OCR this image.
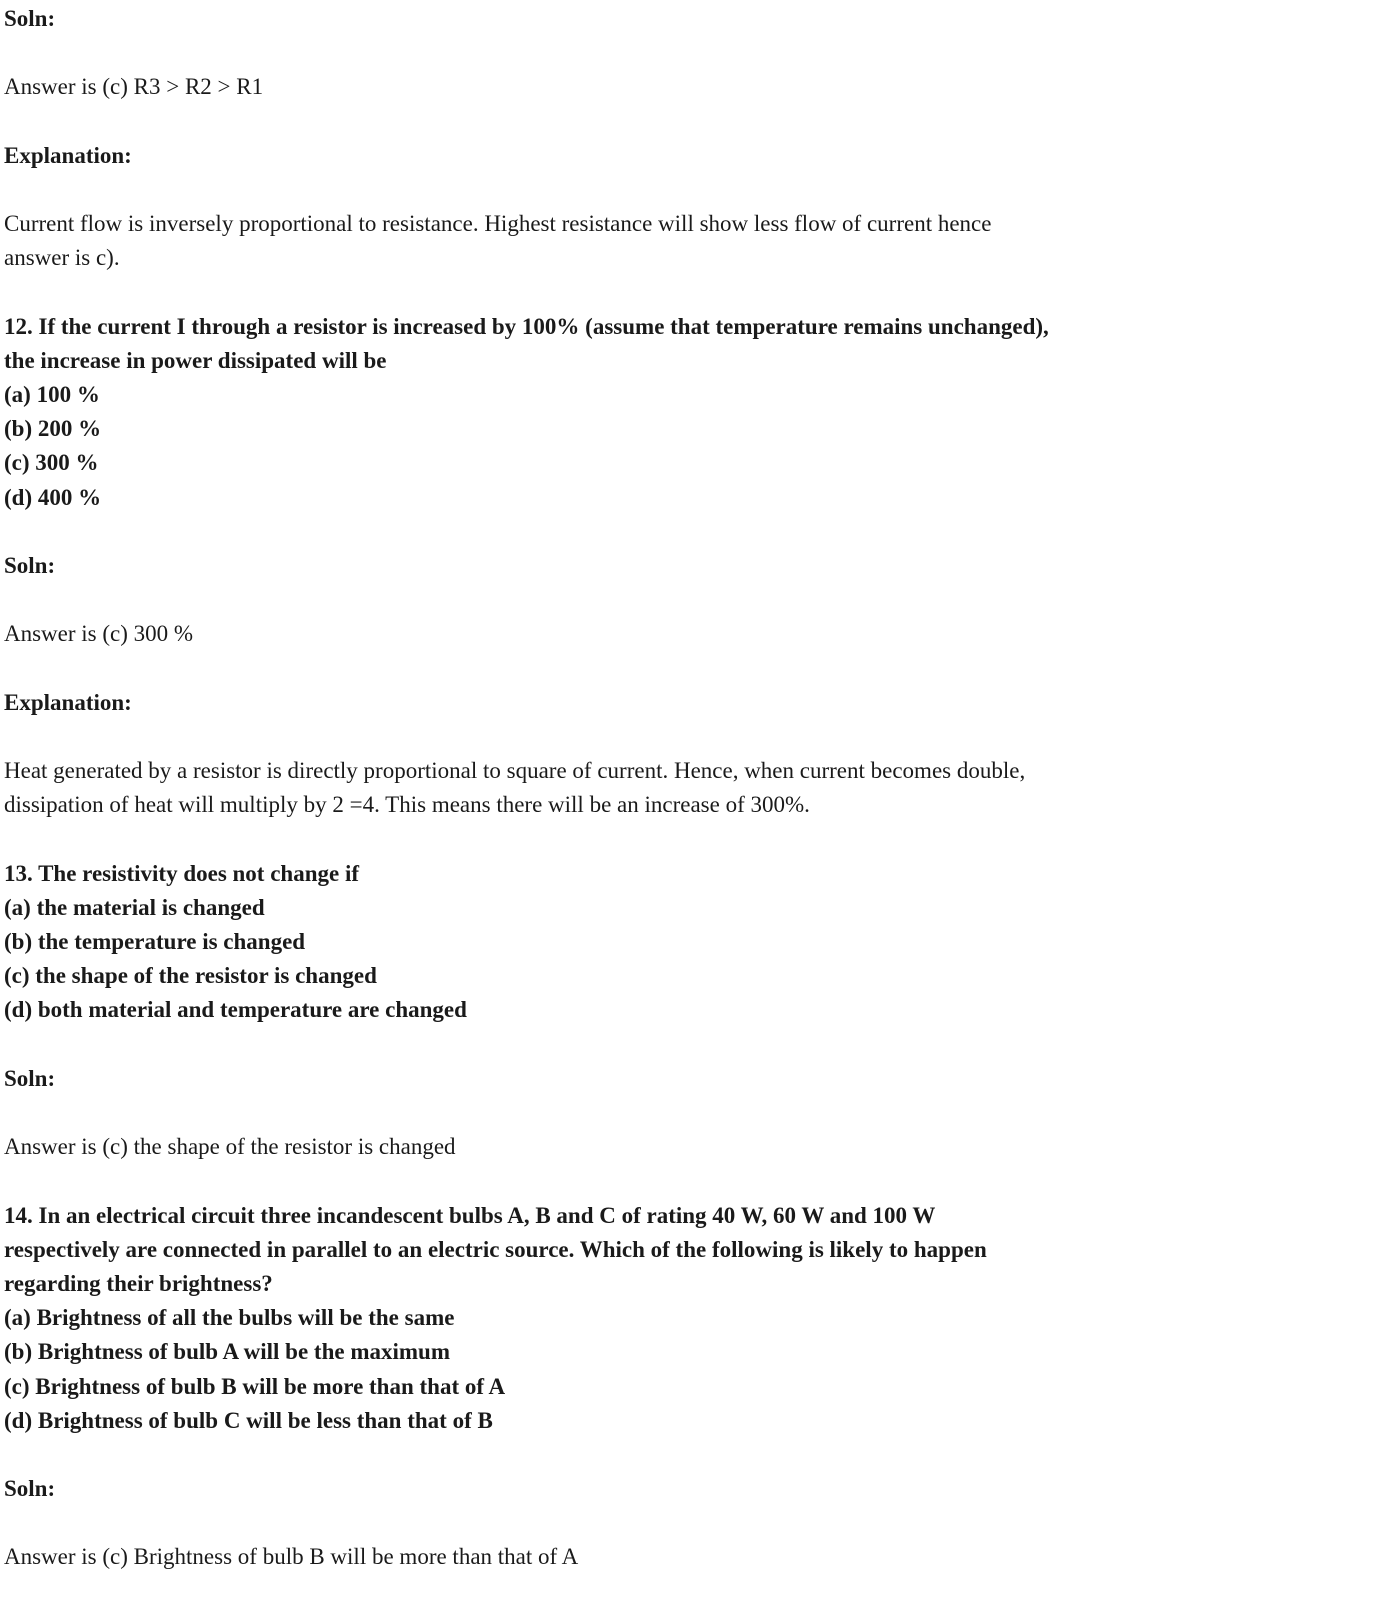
Soln:
Answer is (c) R3 > R2 > R1
Explanation:
Current flow is inversely proportional to resistance. Highest resistance will show less flow of current hence
answer is c).
12. If the current I through a resistor is increased by 100% (assume that temperature remains unchanged),
the increase in power dissipated will be
(a) 100 %
(b) 200 %
(c) 300 %
(d) 400 %
Soln:
Answer is (c) 300 %
Explanation:
Heat generated by a resistor is directly proportional to square of current. Hence, when current becomes double,
dissipation of heat will multiply by 2 =4. This means there will be an increase of 300%.
13. The resistivity does not change if
(a) the material is changed
(b) the temperature is changed
(c) the shape of the resistor is changed
(d) both material and temperature are changed
Soln:
Answer is (c) the shape of the resistor is changed
14. In an electrical circuit three incandescent bulbs A, B and C of rating 40 W, 60 W and 100 W
respectively are connected in parallel to an electric source. Which of the following is likely to happen
regarding their brightness?
(a) Brightness of all the bulbs will be the same
(b) Brightness of bulb A will be the maximum
(c) Brightness of bulb B will be more than that of A
(d) Brightness of bulb C will be less than that of B
Soln:
Answer is (c) Brightness of bulb B will be more than that of A
